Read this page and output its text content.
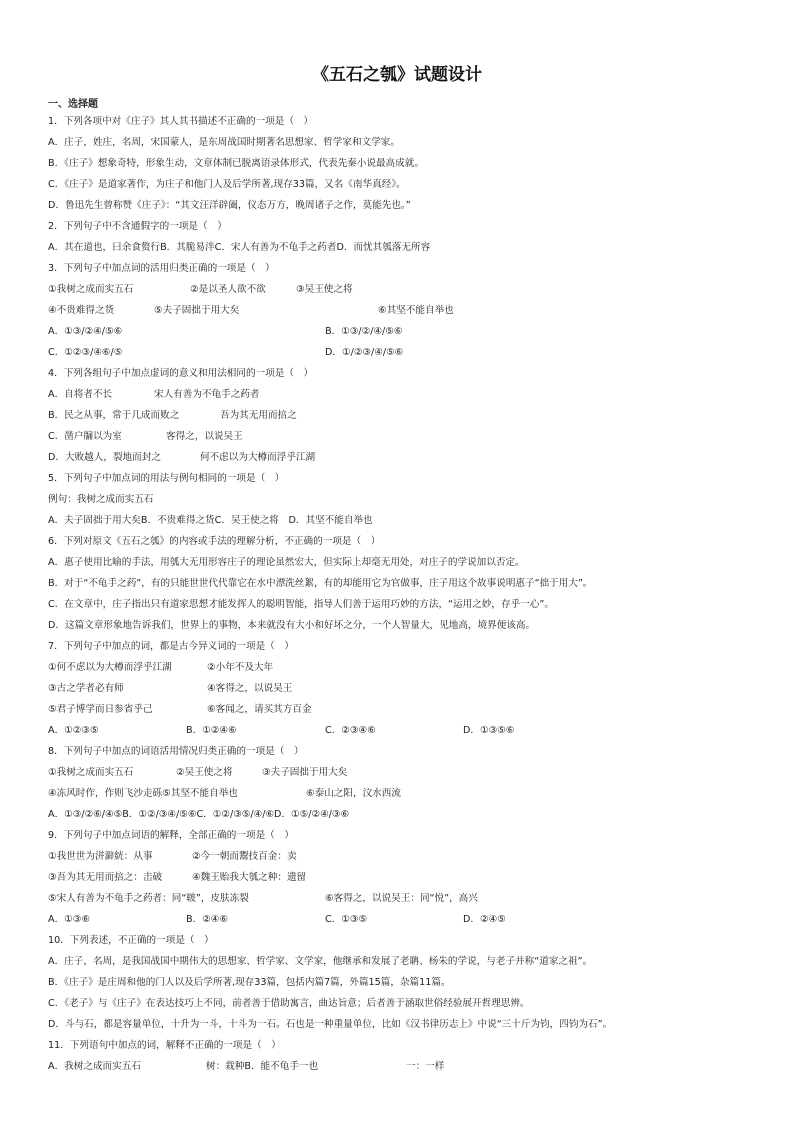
《五石之瓠》试题设计
一、选择题
1．下列各项中对《庄子》其人其书描述不正确的一项是（　）
A．庄子，姓庄，名周，宋国蒙人，是东周战国时期著名思想家、哲学家和文学家。
B．《庄子》想象奇特，形象生动，文章体制已脱离语录体形式，代表先秦小说最高成就。
C．《庄子》是道家著作，为庄子和他门人及后学所著,现存33篇，又名《南华真经》。
D．鲁迅先生曾称赞《庄子》：“其文汪洋辟阖，仪态万方，晚周诸子之作，莫能先也。”
2．下列句子中不含通假字的一项是（　）
A．其在道也，曰余食赘行B．其脆易泮C．宋人有善为不龟手之药者D．而忧其瓠落无所容
3．下列句子中加点词的活用归类正确的一项是（　）
①我树之成而实五石	②是以圣人欲不欲	③吴王使之将
④不贵难得之货	⑤夫子固拙于用大矣	⑥其坚不能自举也
A．①③/②④/⑤⑥	B．①③/②/④/⑤⑥
C．①②③/④⑥/⑤	D．①/②③/④/⑤⑥
4．下列各组句子中加点虚词的意义和用法相同的一项是（　）
A．自将者不长	宋人有善为不龟手之药者
B．民之从事，常于几成而败之	吾为其无用而掊之
C．凿户牖以为室	客得之，以说吴王
D．大败越人，裂地而封之	何不虑以为大樽而浮乎江湖
5．下列句子中加点词的用法与例句相同的一项是（　）
例句：我树之成而实五石
A．夫子固拙于用大矣B．不贵难得之货C．吴王使之将　D．其坚不能自举也
6．下列对原文《五石之瓠》的内容或手法的理解分析，不正确的一项是（　）
A．惠子使用比喻的手法，用瓠大无用形容庄子的理论虽然宏大，但实际上却毫无用处，对庄子的学说加以否定。
B．对于“不龟手之药”，有的只能世世代代靠它在水中漂洗丝絮，有的却能用它为官做事，庄子用这个故事说明惠子“拙于用大”。
C．在文章中，庄子指出只有道家思想才能发挥人的聪明智能，指导人们善于运用巧妙的方法，“运用之妙，存乎一心”。
D．这篇文章形象地告诉我们，世界上的事物，本来就没有大小和好坏之分，一个人智量大，见地高，境界便该高。
7．下列句子中加点的词，都是古今异义词的一项是（　）
①何不虑以为大樽而浮乎江湖	②小年不及大年
③古之学者必有师	④客得之，以说吴王
⑤君子博学而日参省乎己	⑥客闻之，请买其方百金
A．①②③⑤	B．①②④⑥	C．②③④⑥	D．①③⑤⑥
8．下列句子中加点的词语活用情况归类正确的一项是（　）
①我树之成而实五石	②吴王使之将	③夫子固拙于用大矣
④冻风时作，作则飞沙走砾⑤其坚不能自举也	⑥泰山之阳，汶水西流
A．①③/②⑥/④⑤B．①②/③④/⑤⑥C．①②/③⑤/④/⑥D．①⑤/②④/③⑥
9．下列句子中加点词语的解释，全部正确的一项是（　）
①我世世为洴澼絖：从事	②今一朝而鬻技百金：卖
③吾为其无用而掊之：击破	④魏王贻我大瓠之种：遗留
⑤宋人有善为不龟手之药者：同“皲”，皮肤冻裂	⑥客得之，以说吴王：同“悦”，高兴
A．①③⑥	B．②④⑥	C．①③⑤	D．②④⑤
10．下列表述，不正确的一项是（　）
A．庄子，名周，是我国战国中期伟大的思想家、哲学家、文学家，他继承和发展了老聃、杨朱的学说，与老子并称“道家之祖”。
B．《庄子》是庄周和他的门人以及后学所著,现存33篇，包括内篇7篇，外篇15篇，杂篇11篇。
C．《老子》与《庄子》在表达技巧上不同，前者善于借助寓言，曲达旨意；后者善于涵取世俗经验展开哲理思辨。
D．斗与石，都是容量单位，十升为一斗，十斗为一石。石也是一种重量单位，比如《汉书律历志上》中说“三十斤为钧，四钧为石”。
11．下列语句中加点的词，解释不正确的一项是（　）
A．我树之成而实五石	树：栽种B．能不龟手一也	一：一样
